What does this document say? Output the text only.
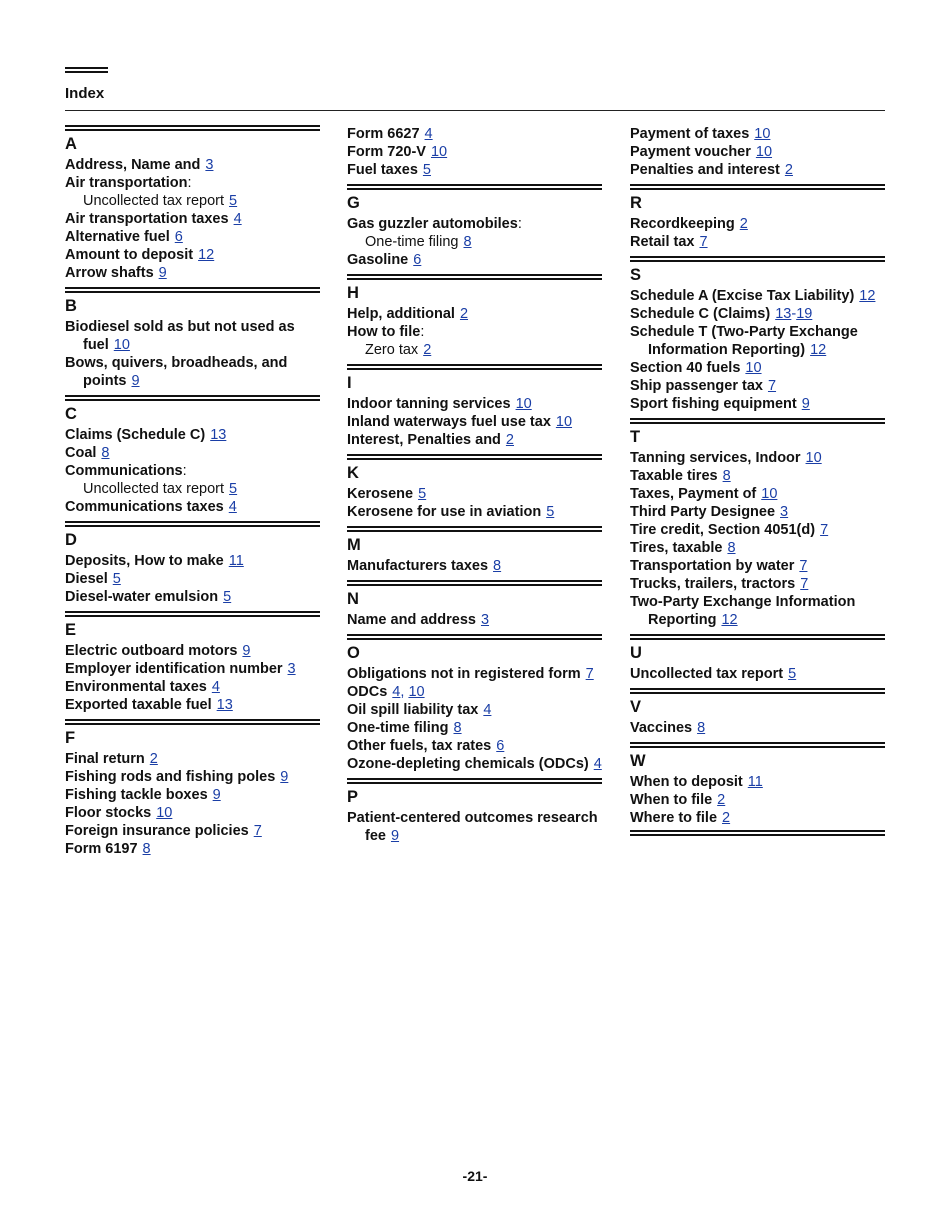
Index
A
Address, Name and 3
Air transportation:
Uncollected tax report 5
Air transportation taxes 4
Alternative fuel 6
Amount to deposit 12
Arrow shafts 9
B
Biodiesel sold as but not used as fuel 10
Bows, quivers, broadheads, and points 9
C
Claims (Schedule C) 13
Coal 8
Communications:
Uncollected tax report 5
Communications taxes 4
D
Deposits, How to make 11
Diesel 5
Diesel-water emulsion 5
E
Electric outboard motors 9
Employer identification number 3
Environmental taxes 4
Exported taxable fuel 13
F
Final return 2
Fishing rods and fishing poles 9
Fishing tackle boxes 9
Floor stocks 10
Foreign insurance policies 7
Form 6197 8
Form 6627 4
Form 720-V 10
Fuel taxes 5
G
Gas guzzler automobiles:
One-time filing 8
Gasoline 6
H
Help, additional 2
How to file:
Zero tax 2
I
Indoor tanning services 10
Inland waterways fuel use tax 10
Interest, Penalties and 2
K
Kerosene 5
Kerosene for use in aviation 5
M
Manufacturers taxes 8
N
Name and address 3
O
Obligations not in registered form 7
ODCs 4, 10
Oil spill liability tax 4
One-time filing 8
Other fuels, tax rates 6
Ozone-depleting chemicals (ODCs) 4
P
Patient-centered outcomes research fee 9
Payment of taxes 10
Payment voucher 10
Penalties and interest 2
R
Recordkeeping 2
Retail tax 7
S
Schedule A (Excise Tax Liability) 12
Schedule C (Claims) 13-19
Schedule T (Two-Party Exchange Information Reporting) 12
Section 40 fuels 10
Ship passenger tax 7
Sport fishing equipment 9
T
Tanning services, Indoor 10
Taxable tires 8
Taxes, Payment of 10
Third Party Designee 3
Tire credit, Section 4051(d) 7
Tires, taxable 8
Transportation by water 7
Trucks, trailers, tractors 7
Two-Party Exchange Information Reporting 12
U
Uncollected tax report 5
V
Vaccines 8
W
When to deposit 11
When to file 2
Where to file 2
-21-
